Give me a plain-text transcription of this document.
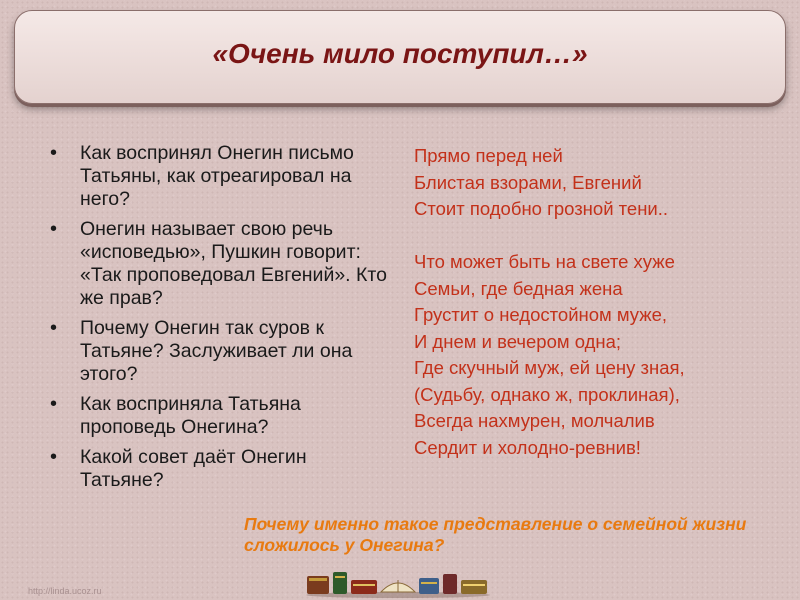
«Очень мило поступил…»
• Как воспринял Онегин письмо Татьяны, как отреагировал на него?
• Онегин называет свою речь «исповедью», Пушкин говорит: «Так проповедовал Евгений». Кто же прав?
• Почему Онегин так суров к Татьяне? Заслуживает ли она этого?
• Как восприняла Татьяна проповедь Онегина?
• Какой совет даёт Онегин Татьяне?
Прямо перед ней
Блистая взорами, Евгений
Стоит подобно грозной тени..
Что может быть на свете хуже
Семьи, где бедная жена
Грустит о недостойном муже,
И днем и вечером одна;
Где скучный муж, ей цену зная,
(Судьбу, однако ж, проклиная),
Всегда нахмурен, молчалив
Сердит и холодно-ревнив!
Почему именно такое представление о семейной жизни сложилось у Онегина?
http://linda.ucoz.ru
